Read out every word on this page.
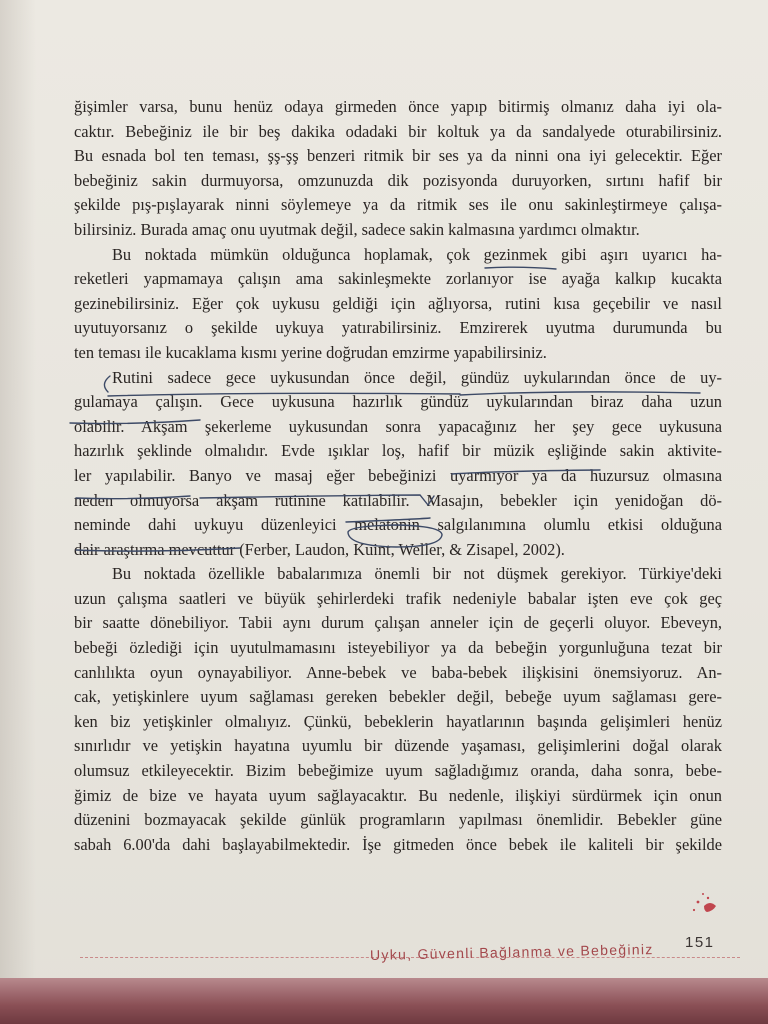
ğişimler varsa, bunu henüz odaya girmeden önce yapıp bitirmiş olmanız daha iyi ola-
caktır. Bebeğiniz ile bir beş dakika odadaki bir koltuk ya da sandalyede oturabilirsiniz.
Bu esnada bol ten teması, şş-şş benzeri ritmik bir ses ya da ninni ona iyi gelecektir. Eğer
bebeğiniz sakin durmuyorsa, omzunuzda dik pozisyonda duruyorken, sırtını hafif bir
şekilde pış-pışlayarak ninni söylemeye ya da ritmik ses ile onu sakinleştirmeye çalışa-
bilirsiniz. Burada amaç onu uyutmak değil, sadece sakin kalmasına yardımcı olmaktır.
Bu noktada mümkün olduğunca hoplamak, çok gezinmek gibi aşırı uyarıcı ha-
reketleri yapmamaya çalışın ama sakinleşmekte zorlanıyor ise ayağa kalkıp kucakta
gezinebilirsiniz. Eğer çok uykusu geldiği için ağlıyorsa, rutini kısa geçebilir ve nasıl
uyutuyorsanız o şekilde uykuya yatırabilirsiniz. Emzirerek uyutma durumunda bu
ten teması ile kucaklama kısmı yerine doğrudan emzirme yapabilirsiniz.
Rutini sadece gece uykusundan önce değil, gündüz uykularından önce de uy-
gulamaya çalışın. Gece uykusuna hazırlık gündüz uykularından biraz daha uzun
olabilir. Akşam şekerleme uykusundan sonra yapacağınız her şey gece uykusuna
hazırlık şeklinde olmalıdır. Evde ışıklar loş, hafif bir müzik eşliğinde sakin aktivite-
ler yapılabilir. Banyo ve masaj eğer bebeğinizi uyarmıyor ya da huzursuz olmasına
neden olmuyorsa akşam rutinine katılabilir. Masajın, bebekler için yenidoğan dö-
neminde dahi uykuyu düzenleyici melatonin salgılanımına olumlu etkisi olduğuna
dair araştırma mevcuttur (Ferber, Laudon, Kuint, Weller, & Zisapel, 2002).
Bu noktada özellikle babalarımıza önemli bir not düşmek gerekiyor. Türkiye'deki
uzun çalışma saatleri ve büyük şehirlerdeki trafik nedeniyle babalar işten eve çok geç
bir saatte dönebiliyor. Tabii aynı durum çalışan anneler için de geçerli oluyor. Ebeveyn,
bebeği özlediği için uyutulmamasını isteyebiliyor ya da bebeğin yorgunluğuna tezat bir
canlılıkta oyun oynayabiliyor. Anne-bebek ve baba-bebek ilişkisini önemsiyoruz. An-
cak, yetişkinlere uyum sağlaması gereken bebekler değil, bebeğe uyum sağlaması gere-
ken biz yetişkinler olmalıyız. Çünkü, bebeklerin hayatlarının başında gelişimleri henüz
sınırlıdır ve yetişkin hayatına uyumlu bir düzende yaşaması, gelişimlerini doğal olarak
olumsuz etkileyecektir. Bizim bebeğimize uyum sağladığımız oranda, daha sonra, bebe-
ğimiz de bize ve hayata uyum sağlayacaktır. Bu nedenle, ilişkiyi sürdürmek için onun
düzenini bozmayacak şekilde günlük programların yapılması önemlidir. Bebekler güne
sabah 6.00'da dahi başlayabilmektedir. İşe gitmeden önce bebek ile kaliteli bir şekilde
Uyku, Güvenli Bağlanma ve Bebeğiniz 151
